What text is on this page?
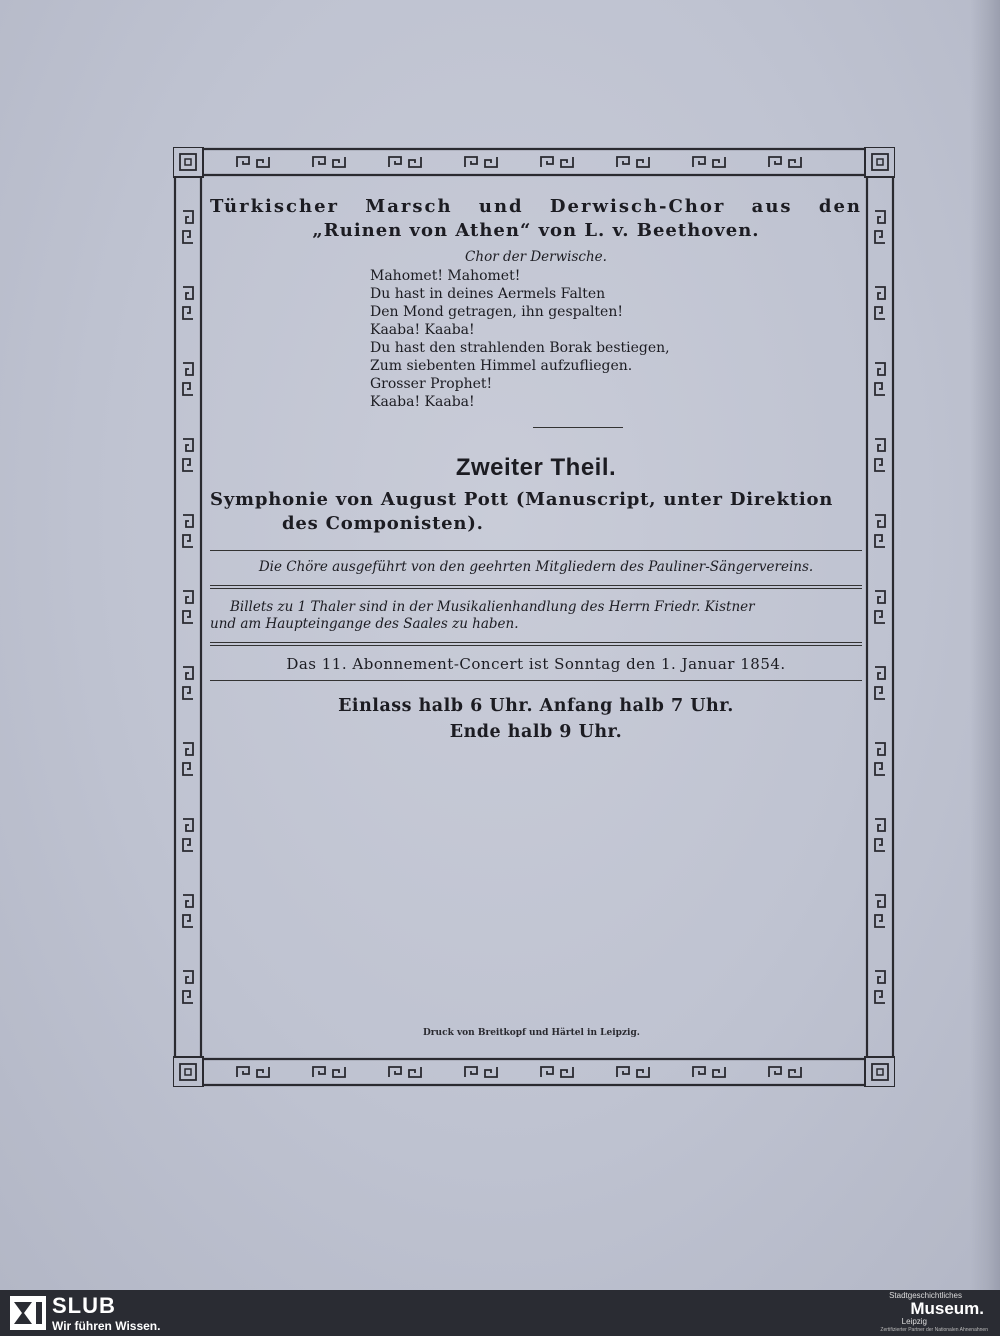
Türkischer Marsch und Derwisch-Chor aus den

„Ruinen von Athen“ von L. v. Beethoven.

Chor der Derwische.
Mahomet! Mahomet!
Du hast in deines Aermels Falten
Den Mond getragen, ihn gespalten!
Kaaba! Kaaba!
Du hast den strahlenden Borak bestiegen,
Zum siebenten Himmel aufzufliegen.
Grosser Prophet!
Kaaba! Kaaba!
Zweiter Theil.
Symphonie von August Pott (Manuscript, unter Direktion
des Componisten).
Die Chöre ausgeführt von den geehrten Mitgliedern des Pauliner-Sängervereins.
Billets zu 1 Thaler sind in der Musikalienhandlung des Herrn Friedr. Kistner
und am Haupteingange des Saales zu haben.
Das 11. Abonnement-Concert ist Sonntag den 1. Januar 1854.
Einlass halb 6 Uhr. Anfang halb 7 Uhr.
Ende halb 9 Uhr.
Druck von Breitkopf und Härtel in Leipzig.
SLUB
Wir führen Wissen.
Stadtgeschichtliches
Museum.
Leipzig
Zertifizierter Partner der Nationalen Ahnenahnen
